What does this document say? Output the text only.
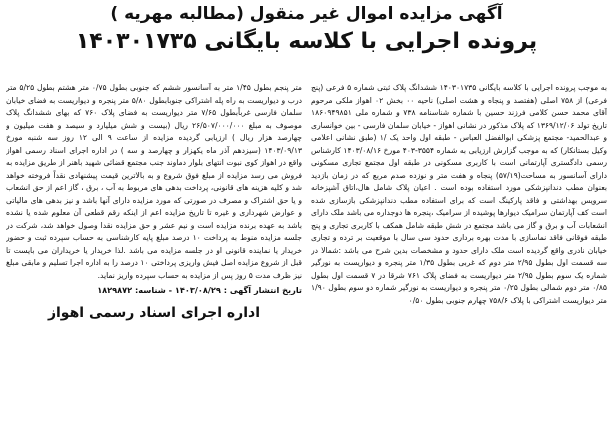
آگهی مزایده اموال غیر منقول (مطالبه مهریه )
پرونده اجرایی با کلاسه بایگانی ۱۴۰۳۰۱۷۳۵

به موجب پرونده اجرایی با کلاسه بایگانی ۱۴۰۳۰۱۷۳۵ ششدانگ پلاک ثبتی شماره ۵ فرعی (پنج فرعی) از ۷۵۸ اصلی (هفتصد و پنجاه و هشت اصلی) ناحیه ۰۰ بخش ۰۲ اهواز ملکی مرحوم آقای محمد حسن کلامی فرزند حسین با شماره شناسنامه ۷۳۸ و شماره ملی ۱۸۶۰۹۴۹۸۵۱ تاریخ تولد ۱۳۶۹/۱۲/۰۶ که پلاک مذکور در نشانی اهواز - خیابان سلمان فارسی - بین خوانساری و عبدالحمید- مجتمع پزشکی ابوالفضل العباس - طبقه اول واحد یک /۱ (طبق نشانی اعلامی وکیل بستانکار) که به موجب گزارش ارزیابی به شماره ۳۵۵۴-۴۰۳ مورخ ۱۴۰۳/۰۸/۱۶ کارشناس رسمی دادگستری آپارتمانی است با کاربری مسکونی در طبقه اول مجتمع تجاری مسکونی دارای آسانسور به مساحت(۵۷/۱۹) پنجاه و هفت متر و نوزده صدم مربع که در زمان بازدید بعنوان مطب دندانپزشکی مورد استفاده بوده است . اعیان پلاک شامل هال،اتاق آشپزخانه سرویس بهداشتی و فاقد پارکینگ است که برای استفاده مطب دندانپزشکی بازسازی شده است کف آپارتمان سرامیک دیوارها پوشیده از سرامیک ،پنجره ها دوجداره می باشد ملک دارای انشعابات آب و برق و گاز می باشد مجتمع در شش طبقه شامل همکف با کاربری تجاری و پنج طبقه فوقانی فاقد نماسازی با مدت بهره برداری حدود سی سال با موقعیت بر ترده و تجاری خیابان نادری واقع گردیده است ملک دارای حدود و مشخصات بدین شرح می باشد :شمالا در سه قسمت اول بطول ۲/۹۵ متر دوم که غربی بطول ۱/۳۵ متر پنجره و دیواریست به نورگیر شماره یک سوم بطول ۲/۹۵ متر دیواریست به فضای پلاک ۷۶۱ شرقا در ۷ قسمت اول بطول ۰/۸۵ متر دوم شمالی بطول ۰/۲۵ متر پنجره و دیواریست به نورگیر شماره دو سوم بطول ۱/۹۰ متر دیواریست اشتراکی با پلاک ۷۵۸/۶ چهارم جنوبی بطول ۰/۵۰

متر پنجم بطول ۱/۴۵ متر به آسانسور ششم که جنوبی بطول ۰/۷۵ متر هشتم بطول ۵/۲۵ متر درب و دیواریست به راه پله اشتراکی جنوبابطول ۵/۸۰ متر پنجره و دیواریست به فضای خیابان سلمان فارسی غرباًبطول ۷/۶۵ متر دیواریست به فضای پلاک ۷۶۰ که بهای ششدانگ پلاک موصوف به مبلغ ۲۶/۵۰۷/۰۰۰/۰۰۰ ریال (بیست و شش میلیارد و سیصد و هفت میلیون و چهارصد هزار ریال ) ارزیابی گردیده مزایده از ساعت ۹ الی ۱۲ روز سه شنبه مورخ ۱۴۰۳/۰۹/۱۳ (سیزدهم آذر ماه یکهزار و چهارصد و سه ) در اداره اجرای اسناد رسمی اهواز واقع در اهواز کوی نبوت انتهای بلوار دماوند جنب مجتمع قضائی شهید باهنر از طریق مزایده به فروش می رسد مزایده از مبلغ فوق شروع و به بالاترین قیمت پیشنهادی نقداً فروخته خواهد شد و کلیه هزینه های قانونی، پرداخت بدهی های مربوط به آب ، برق ، گاز اعم از حق انشعاب و یا حق اشتراک و مصرف در صورتی که مورد مزایده دارای آنها باشد و نیز بدهی های مالیاتی و عوارض شهرداری و غیره تا تاریخ مزایده اعم از اینکه رقم قطعی آن معلوم شده یا نشده باشد به عهده برنده مزایده است و نیم عشر و حق مزایده نقدا وصول خواهد شد، شرکت در جلسه مزایده منوط به پرداخت ۱۰ درصد مبلغ پایه کارشناسی به حساب سپرده ثبت و حضور خریدار یا نماینده قانونی او در جلسه مزایده می باشد .لذا خریدار یا خریداران می بایست تا قبل از شروع مزایده اصل فیش واریزی پرداختی ۱۰ درصد را به اداره اجرا تسلیم و مابقی مبلغ نیز ظرف مدت ۵ روز پس از مزایده به حساب سپرده واریز نماید.

تاریخ انتشار آگهی : ۱۴۰۳/۰۸/۲۹ - شناسه: ۱۸۲۹۸۷۲

اداره اجرای اسناد رسمی اهواز
